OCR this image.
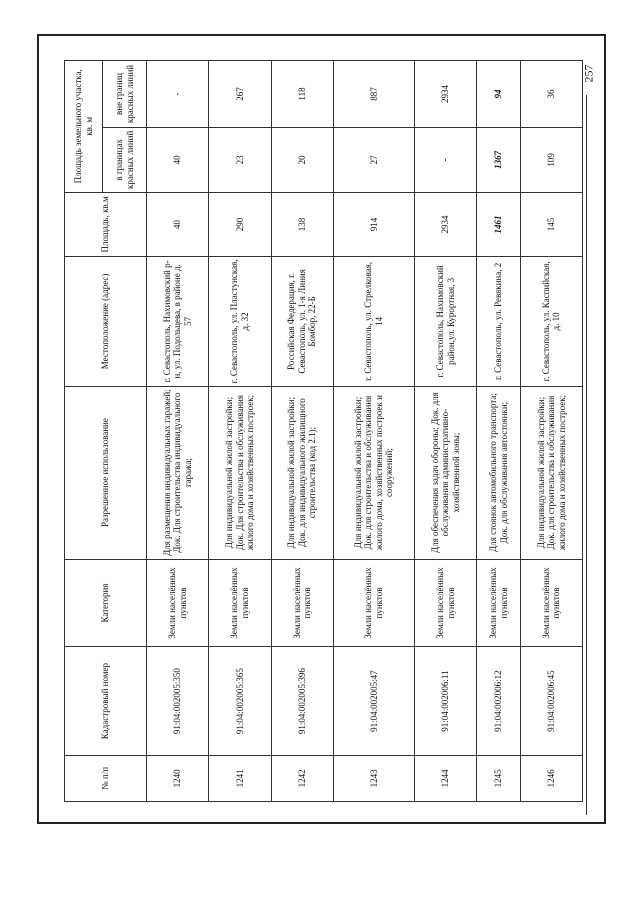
257
№ п/п	Кадастровый номер	Категория	Разрешенное использование	Местоположение (адрес)	Площадь, кв.м	Площадь земельного участка, кв. м	
						в границах красных линий	вне границ красных линий
1240	91:04:002005:350	Земли населённых пунктов	Для размещения индивидуальных гаражей; Док. Для строительства индивидуального гаража;	г. Севастополь, Нахимовский р-н, ул. Подольцева, в районе д. 57	40	40	-
1241	91:04:002005:365	Земли населённых пунктов	Для индивидуальной жилой застройки; Док. Для строительства и обслуживания жилого дома и хозяйственных построек;	г. Севастополь, ул. Пластунская, д. 32	290	23	267
1242	91:04:002005:396	Земли населённых пунктов	Для индивидуальной жилой застройки; Док. для индивидуального жилищного строительства (код 2.1);	Российская Федерация, г. Севастополь, ул. 1-я Линия Бомбор, 22-Б	138	20	118
1243	91:04:002005:47	Земли населённых пунктов	Для индивидуальной жилой застройки; Док. для строительства и обслуживания жилого дома, хозяйственных построек и сооружений;	г. Севастополь, ул. Стрелковая, 14	914	27	887
1244	91:04:002006:11	Земли населённых пунктов	Для обеспечения задач обороны; Док. для обслуживания административно-хозяйственной зоны;	г. Севастополь, Нахимовский район,ул. Курортная, 3	2934	-	2934
1245	91:04:002006:12	Земли населённых пунктов	Для стоянок автомобильного транспорта; Док. для обслуживания автостоянки;	г. Севастополь, ул. Ревякина, 2	1461	1367	94
1246	91:04:002006:45	Земли населённых пунктов	Для индивидуальной жилой застройки; Док. для строительства и обслуживания жилого дома и хозяйственных построек;	г. Севастополь, ул. Каспийская, д. 10	145	109	36
